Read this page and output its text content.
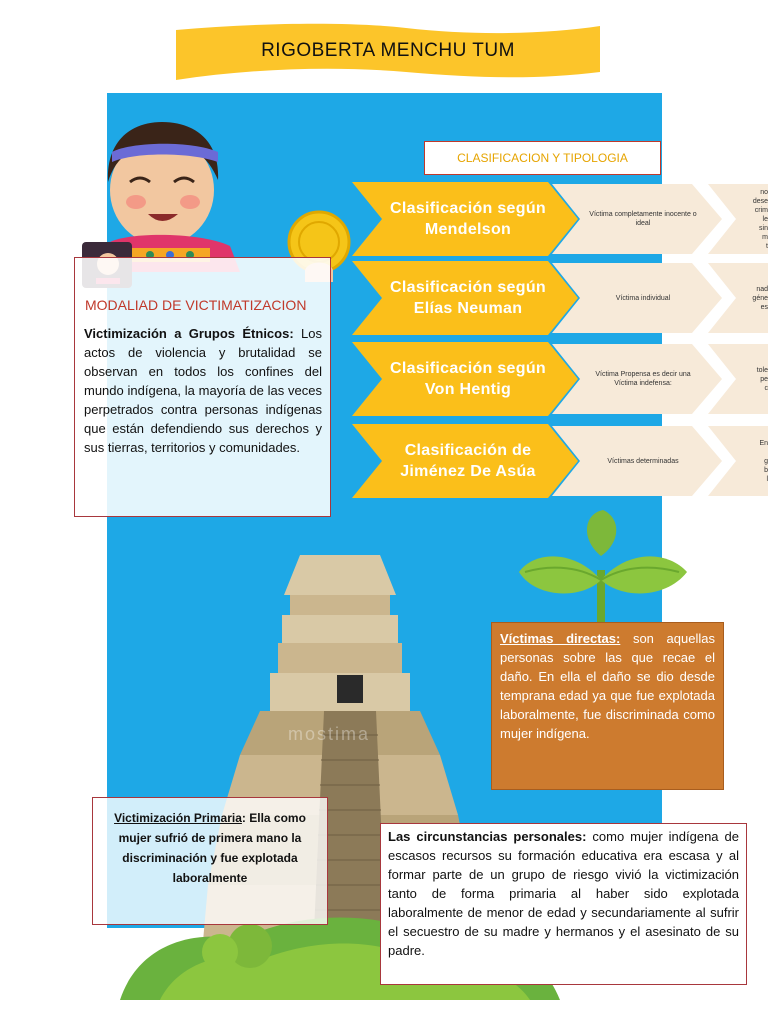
RIGOBERTA MENCHU TUM
MODALIAD DE VICTIMATIZACION
Victimización a Grupos Étnicos: Los actos de violencia y brutalidad se observan en todos los confines del mundo indígena, la mayoría de las veces perpetrados contra personas indígenas que están defendiendo sus derechos y sus tierras, territorios y comunidades.
CLASIFICACION Y TIPOLOGIA
Clasificación según Mendelson
Víctima completamente inocente o ideal
no
dese
crim
le
sin
m
t
Clasificación según Elías Neuman
Víctima individual
nad
géne
es
Clasificación según Von Hentig
Víctima Propensa es decir una Víctima indefensa:
tole
pe
c
Clasificación de Jiménez De Asúa
Víctimas determinadas
En

g
b
l
mostima
Víctimas directas: son aquellas personas sobre las que recae el daño. En ella el daño se dio desde temprana edad ya que fue explotada laboralmente, fue discriminada como mujer indígena.
Victimización Primaria: Ella como mujer sufrió de primera mano la discriminación y fue explotada laboralmente
Las circunstancias personales: como mujer indígena de escasos recursos su formación educativa era escasa y al formar parte de un grupo de riesgo vivió la victimización tanto de forma primaria al haber sido explotada laboralmente de menor de edad y secundariamente al sufrir el secuestro de su madre y hermanos y el asesinato de su padre.
